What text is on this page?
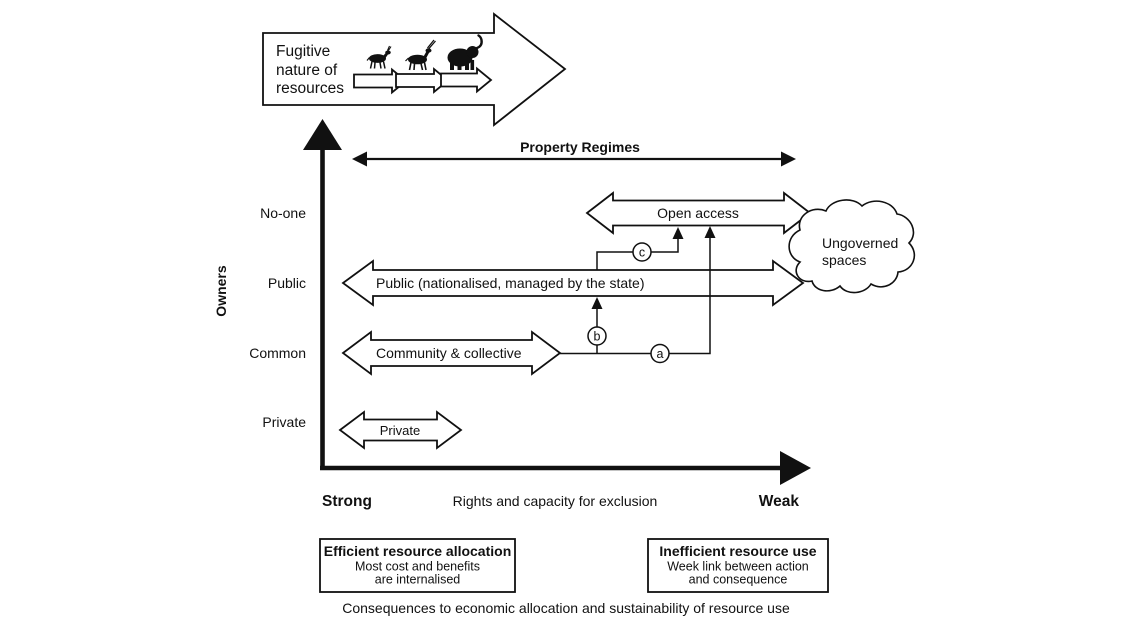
Fugitive
nature of
resources
Owners
No-one
Public
Common
Private
Strong	Rights and capacity for exclusion	Weak
Property Regimes
Open access
Public (nationalised, managed by the state)
Community & collective
Private
a
b
c
Ungoverned
spaces
Efficient resource allocation
Most cost and benefits
are internalised
Inefficient resource use
Week link between action
and consequence
Consequences to economic allocation and sustainability of resource use
